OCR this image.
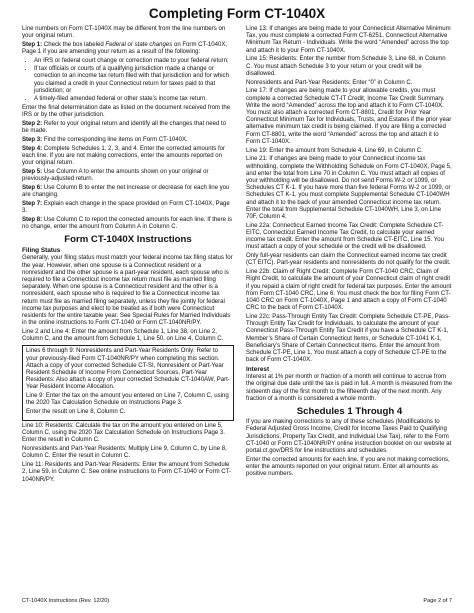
Completing Form CT-1040X

Line numbers on Form CT-1040X may be different from the line numbers on your original return.

Step 1: Check the box labeled Federal or state changes on Form CT-1040X, Page 1 if you are amending your return as a result of the following:

• An IRS or federal court change or correction made to your federal return;
• If tax officials or courts of a qualifying jurisdiction made a change or correction to an income tax return filed with that jurisdiction and for which you claimed a credit in your Connecticut return for taxes paid to that jurisdiction; or
• A timely-filed amended federal or other state’s income tax return.

Enter the final determination date as listed on the document received from the IRS or by the other jurisdiction.

Step 2: Refer to your original return and identify all the changes that need to be made.

Step 3: Find the corresponding line items on Form CT-1040X.

Step 4: Complete Schedules 1, 2, 3, and 4. Enter the corrected amounts for each line. If you are not making corrections, enter the amounts reported on your original return.

Step 5: Use Column A to enter the amounts shown on your original or previously-adjusted return.

Step 6: Use Column B to enter the net increase or decrease for each line you are changing.

Step 7: Explain each change in the space provided on Form CT-1040X, Page 3.

Step 8: Use Column C to report the corrected amounts for each line. If there is no change, enter the amount from Column A in Column C.

Form CT-1040X Instructions
Filing Status

Generally, your filing status must match your federal income tax filing status for the year. However, when one spouse is a Connecticut resident or a nonresident and the other spouse is a part-year resident, each spouse who is required to file a Connecticut income tax return must file as married filing separately. When one spouse is a Connecticut resident and the other is a nonresident, each spouse who is required to file a Connecticut income tax return must file as married filing separately, unless they file jointly for federal income tax purposes and elect to be treated as if both were Connecticut residents for the entire taxable year. See Special Rules for Married Individuals in the online instructions to Form CT-1040 or Form CT-1040NR/PY.

Line 2 and Line 4: Enter the amount from Schedule 1, Line 38, on Line 2, Column C, and the amount from Schedule 1, Line 50, on Line 4, Column C.

Lines 6 through 9: Nonresidents and Part-Year Residents Only: Refer to your previously-filed Form CT-1040NR/PY when completing this section. Attach a copy of your corrected Schedule CT-SI, Nonresident or Part-Year Resident Schedule of Income From Connecticut Sources, Part-Year Residents: Also attach a copy of your corrected Schedule CT-1040AW, Part-Year Resident Income Allocation.

Line 9: Enter the tax on the amount you entered on Line 7, Column C, using the 2020 Tax Calculation Schedule on Instructions Page 3.

Enter the result on Line 8, Column C.

Line 10: Residents: Calculate the tax on the amount you entered on Line 5, Column C, using the 2020 Tax Calculation Schedule on Instructions Page 3. Enter the result in Column C.

Nonresidents and Part-Year Residents: Multiply Line 9, Column C, by Line 8, Column C. Enter the result in Column C.

Line 11: Residents and Part-Year Residents: Enter the amount from Schedule 2, Line 59, in Column C. See online instructions to Form CT-1040 or Form CT-1040NR/PY.

Line 13: If changes are being made to your Connecticut Alternative Minimum Tax, you must complete a corrected Form CT-6251, Connecticut Alternative Minimum Tax Return - Individuals. Write the word “Amended” across the top and attach it to your Form CT-1040X.

Line 15: Residents: Enter the number from Schedule 3, Line 68, in Column C. You must attach Schedule 3 to your return or your credit will be disallowed.

Nonresidents and Part-Year Residents: Enter “0” in Column C.

Line 17: If changes are being made to your allowable credits, you must complete a corrected Schedule CT-IT Credit, Income Tax Credit Summary. Write the word “Amended” across the top and attach it to Form CT-1040X. You must also attach a corrected Form CT-8801, Credit for Prior Year Connecticut Minimum Tax for Individuals, Trusts, and Estates if the prior year alternative minimum tax credit is being claimed. If you are filing a corrected Form CT-8801, write the word “Amended” across the top and attach it to Form CT-1040X.

Line 19: Enter the amount from Schedule 4, Line 69, in Column C.

Line 21: If changes are being made to your Connecticut income tax withholding, complete the Withholding Schedule on Form CT-1040X, Page 5, and enter the total from Line 70 in Column C. You must attach all copies of your withholding will be disallowed. Do not send Forms W-2 or 1099, or Schedules CT K-1. If you have more than five federal Forms W-2 or 1099, or Schedules CT K-1, you must complete Supplemental Schedule CT-1040WH and attach it to the back of your amended Connecticut income tax return. Enter the total from Supplemental Schedule CT-1040WH, Line 3, on Line 70F, Column 4.

Line 22a: Connecticut Earned Income Tax Credit: Complete Schedule CT-EITC, Connecticut Earned Income Tax Credit, to calculate your earned income tax credit. Enter the amount from Schedule CT-EITC, Line 15. You must attach a copy of your schedule or the credit will be disallowed.

Only full-year residents can claim the Connecticut earned income tax credit (CT EITC). Part-year residents and nonresidents do not qualify for the credit.

Line 22b: Claim of Right Credit: Complete Form CT-1040 CRC, Claim of Right Credit, to calculate the amount of your Connecticut claim of right credit if you repaid a claim of right credit for federal tax purposes. Enter the amount from Form CT-1040 CRC, Line 6. You must check the box for filing Form CT-1040 CRC on Form CT-1040X, Page 1 and attach a copy of Form CT-1040 CRC to the back of Form CT-1040X.

Line 22c: Pass-Through Entity Tax Credit: Complete Schedule CT-PE, Pass-Through Entity Tax Credit for Individuals, to calculate the amount of your Connecticut Pass-Through Entity Tax Credit if you have a Schedule CT K-1, Member’s Share of Certain Connecticut Items, or Schedule CT-1041 K-1, Beneficiary’s Share of Certain Connecticut Items. Enter the amount from Schedule CT-PE, Line 1. You must attach a copy of Schedule CT-PE to the back of Form CT-1040X.

Interest

Interest at 1% per month or fraction of a month will continue to accrue from the original due date until the tax is paid in full. A month is measured from the sixteenth day of the first month to the fifteenth day of the next month. Any fraction of a month is considered a whole month.

Schedules 1 Through 4

If you are making corrections to any of these schedules (Modifications to Federal Adjusted Gross Income, Credit for Income Taxes Paid to Qualifying Jurisdictions, Property Tax Credit, and Individual Use Tax), refer to the Form CT-1040 or Form CT-1040NR/PY online instruction booklet on our website at portal.ct.gov/DRS for line instructions and schedules.

Enter the corrected amounts for each line. If you are not making corrections, enter the amounts reported on your original return. Enter all amounts as positive numbers.

CT-1040X Instructions (Rev. 12/20)	Page 2 of 7
